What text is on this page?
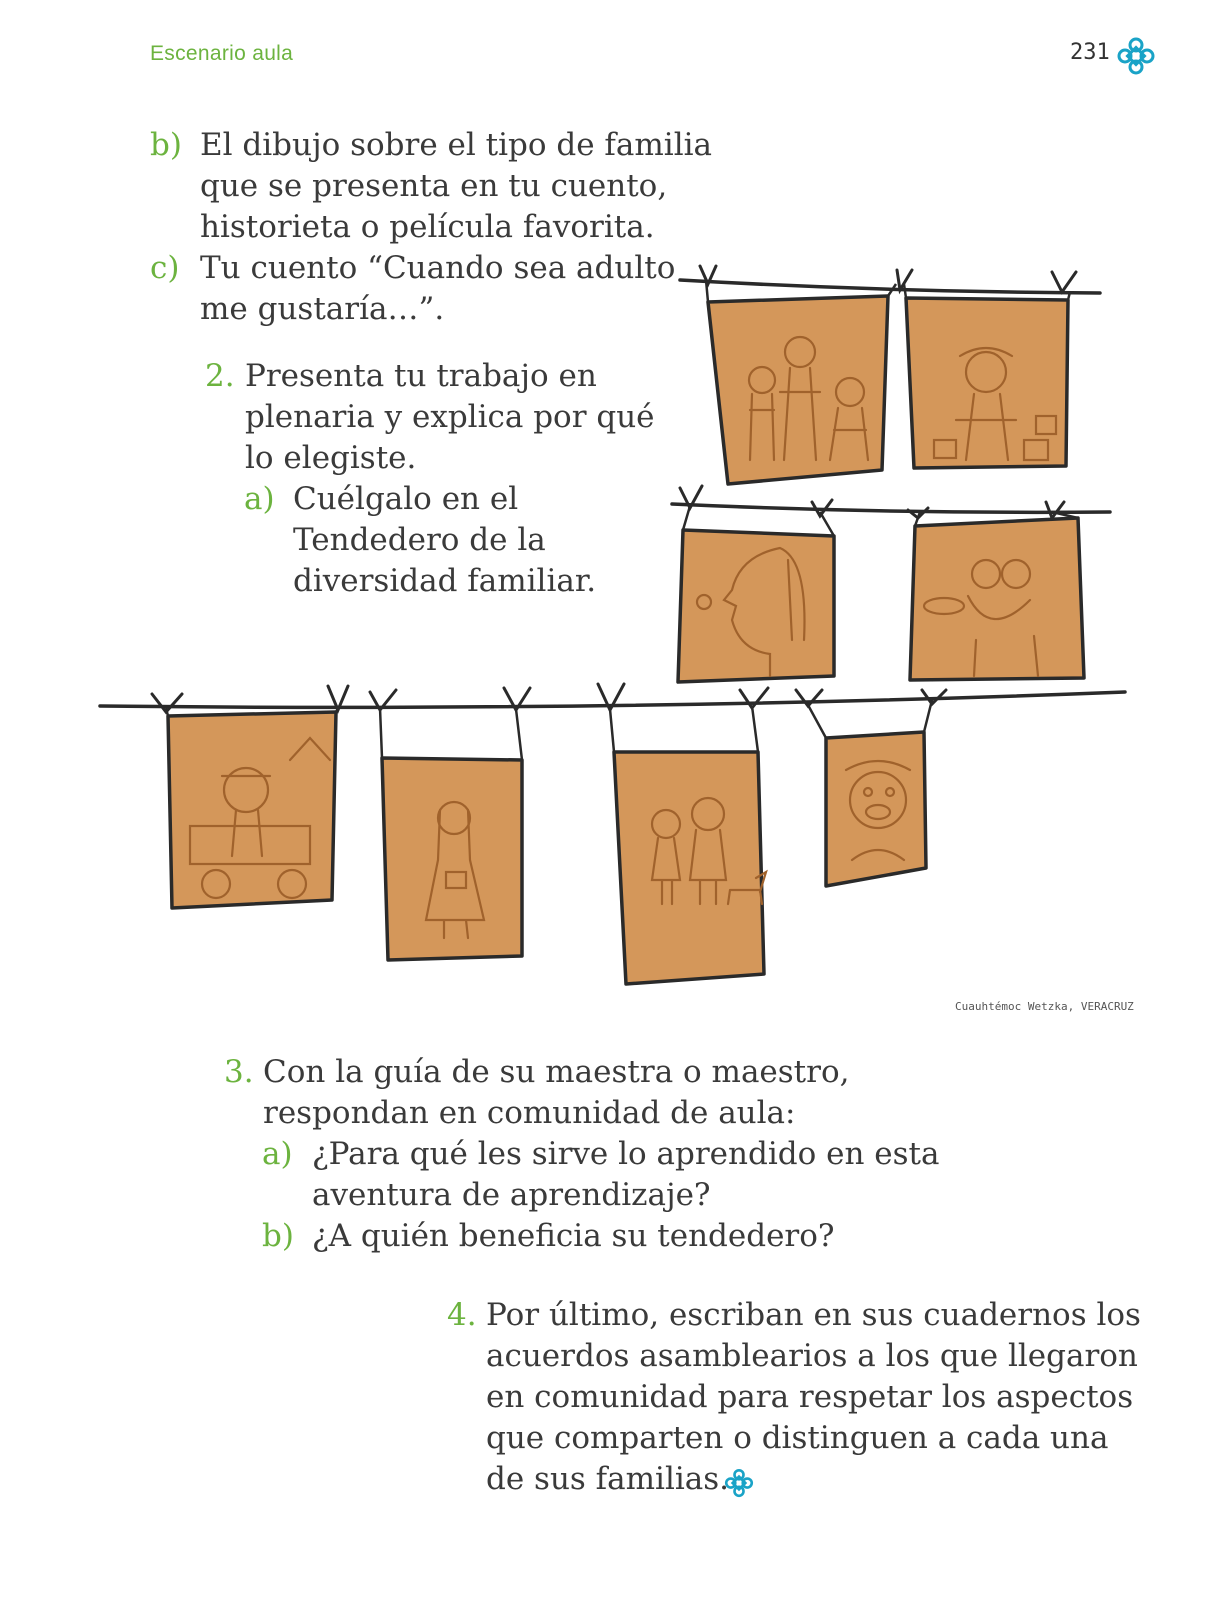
Escenario aula	231
b) El dibujo sobre el tipo de familia
que se presenta en tu cuento,
historieta o película favorita.
c) Tu cuento “Cuando sea adulto
me gustaría…”.
2. Presenta tu trabajo en
plenaria y explica por qué
lo elegiste.
a) Cuélgalo en el
Tendedero de la
diversidad familiar.
Cuauhtémoc Wetzka, VERACRUZ
3. Con la guía de su maestra o maestro,
respondan en comunidad de aula:
a) ¿Para qué les sirve lo aprendido en esta
aventura de aprendizaje?
b) ¿A quién beneficia su tendedero?
4. Por último, escriban en sus cuadernos los
acuerdos asamblearios a los que llegaron
en comunidad para respetar los aspectos
que comparten o distinguen a cada una
de sus familias.
